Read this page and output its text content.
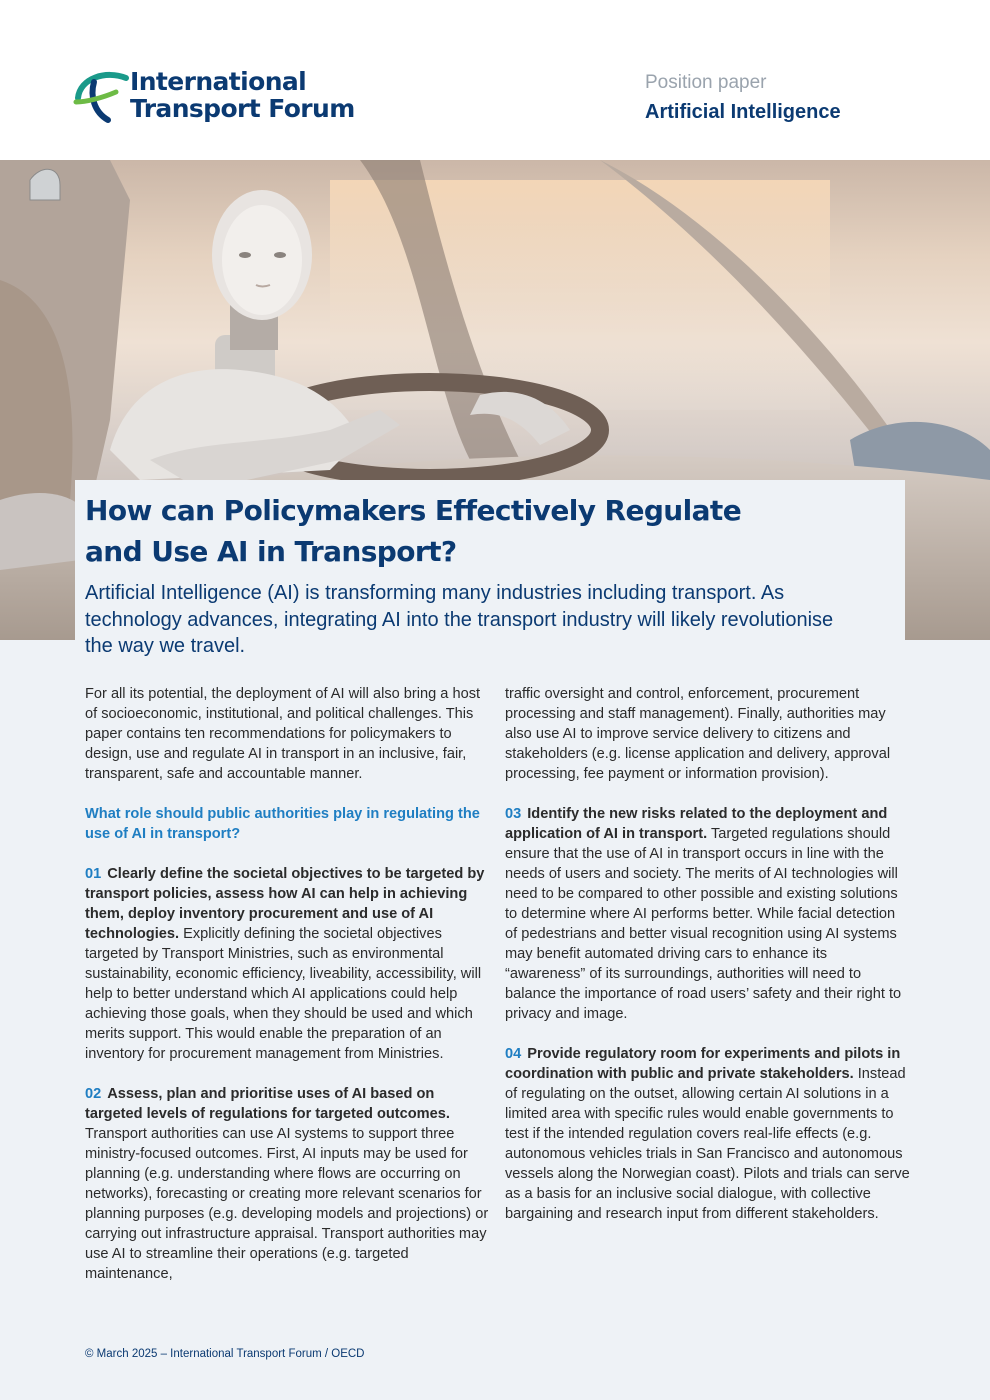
International
Transport Forum
Position paper
Artificial Intelligence
How can Policymakers Effectively Regulate and Use AI in Transport?

Artificial Intelligence (AI) is transforming many industries including transport. As technology advances, integrating AI into the transport industry will likely revolutionise the way we travel.

For all its potential, the deployment of AI will also bring a host of socioeconomic, institutional, and political challenges. This paper contains ten recommendations for policymakers to design, use and regulate AI in transport in an inclusive, fair, transparent, safe and accountable manner.

What role should public authorities play in regulating the use of AI in transport?

01 Clearly define the societal objectives to be targeted by transport policies, assess how AI can help in achieving them, deploy inventory procurement and use of AI technologies. Explicitly defining the societal objectives targeted by Transport Ministries, such as environmental sustainability, economic efficiency, liveability, accessibility, will help to better understand which AI applications could help achieving those goals, when they should be used and which merits support. This would enable the preparation of an inventory for procurement management from Ministries.

02 Assess, plan and prioritise uses of AI based on targeted levels of regulations for targeted outcomes. Transport authorities can use AI systems to support three ministry-focused outcomes. First, AI inputs may be used for planning (e.g. understanding where flows are occurring on networks), forecasting or creating more relevant scenarios for planning purposes (e.g. developing models and projections) or carrying out infrastructure appraisal. Transport authorities may use AI to streamline their operations (e.g. targeted maintenance,

traffic oversight and control, enforcement, procurement processing and staff management). Finally, authorities may also use AI to improve service delivery to citizens and stakeholders (e.g. license application and delivery, approval processing, fee payment or information provision).

03 Identify the new risks related to the deployment and application of AI in transport. Targeted regulations should ensure that the use of AI in transport occurs in line with the needs of users and society. The merits of AI technologies will need to be compared to other possible and existing solutions to determine where AI performs better. While facial detection of pedestrians and better visual recognition using AI systems may benefit automated driving cars to enhance its “awareness” of its surroundings, authorities will need to balance the importance of road users’ safety and their right to privacy and image.

04 Provide regulatory room for experiments and pilots in coordination with public and private stakeholders. Instead of regulating on the outset, allowing certain AI solutions in a limited area with specific rules would enable governments to test if the intended regulation covers real-life effects (e.g. autonomous vehicles trials in San Francisco and autonomous vessels along the Norwegian coast). Pilots and trials can serve as a basis for an inclusive social dialogue, with collective bargaining and research input from different stakeholders.

© March 2025 – International Transport Forum / OECD
